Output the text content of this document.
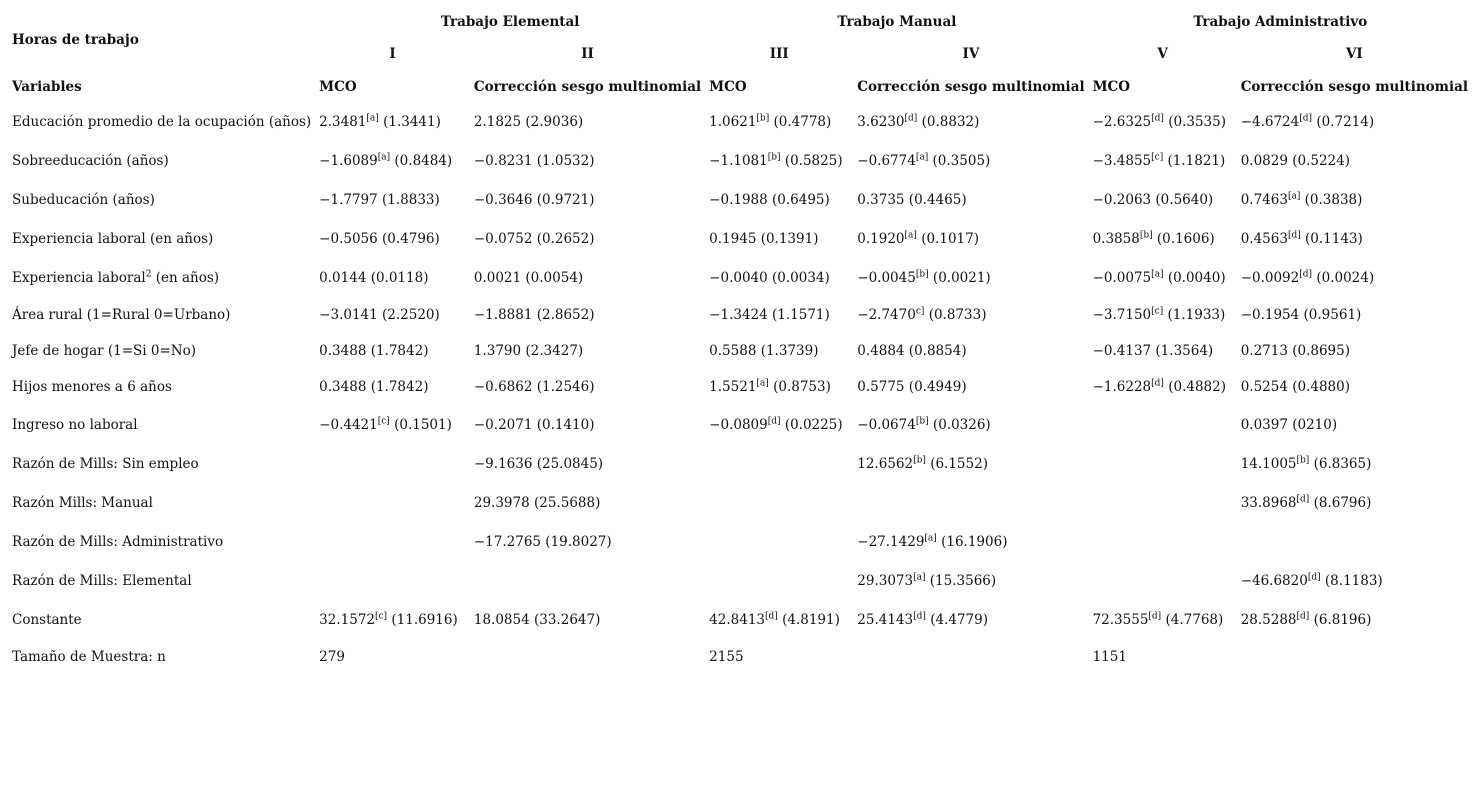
Horas de trabajo	Trabajo Elemental		Trabajo Manual		Trabajo Administrativo	
	I	II	III	IV	V	VI
Variables	MCO	Corrección sesgo multinomial	MCO	Corrección sesgo multinomial	MCO	Corrección sesgo multinomial
Educación promedio de la ocupación (años)	2.3481[a] (1.3441)	2.1825 (2.9036)	1.0621[b] (0.4778)	3.6230[d] (0.8832)	−2.6325[d] (0.3535)	−4.6724[d] (0.7214)
Sobreeducación (años)	−1.6089[a] (0.8484)	−0.8231 (1.0532)	−1.1081[b] (0.5825)	−0.6774[a] (0.3505)	−3.4855[c] (1.1821)	0.0829 (0.5224)
Subeducación (años)	−1.7797 (1.8833)	−0.3646 (0.9721)	−0.1988 (0.6495)	0.3735 (0.4465)	−0.2063 (0.5640)	0.7463[a] (0.3838)
Experiencia laboral (en años)	−0.5056 (0.4796)	−0.0752 (0.2652)	0.1945 (0.1391)	0.1920[a] (0.1017)	0.3858[b] (0.1606)	0.4563[d] (0.1143)
Experiencia laboral$^2$ (en años)	0.0144 (0.0118)	0.0021 (0.0054)	−0.0040 (0.0034)	−0.0045[b] (0.0021)	−0.0075[a] (0.0040)	−0.0092[d] (0.0024)
Área rural (1=Rural 0=Urbano)	−3.0141 (2.2520)	−1.8881 (2.8652)	−1.3424 (1.1571)	$-2.7470^{c]}$ (0.8733)	−3.7150[c] (1.1933)	−0.1954 (0.9561)
Jefe de hogar (1=Si 0=No)	0.3488 (1.7842)	1.3790 (2.3427)	0.5588 (1.3739)	0.4884 (0.8854)	−0.4137 (1.3564)	0.2713 (0.8695)
Hijos menores a 6 años	0.3488 (1.7842)	−0.6862 (1.2546)	1.5521[a] (0.8753)	0.5775 (0.4949)	−1.6228[d] (0.4882)	0.5254 (0.4880)
Ingreso no laboral	−0.4421[c] (0.1501)	−0.2071 (0.1410)	−0.0809[d] (0.0225)	−0.0674[b] (0.0326)		0.0397 (0210)
Razón de Mills: Sin empleo		−9.1636 (25.0845)		12.6562[b] (6.1552)		14.1005[b] (6.8365)
Razón Mills: Manual		29.3978 (25.5688)				33.8968[d] (8.6796)
Razón de Mills: Administrativo		−17.2765 (19.8027)		−27.1429[a] (16.1906)		
Razón de Mills: Elemental				29.3073[a] (15.3566)		−46.6820[d] (8.1183)
Constante	32.1572[c] (11.6916)	18.0854 (33.2647)	42.8413[d] (4.8191)	25.4143[d] (4.4779)	72.3555[d] (4.7768)	28.5288[d] (6.8196)
Tamaño de Muestra: n	279		2155		1151	
